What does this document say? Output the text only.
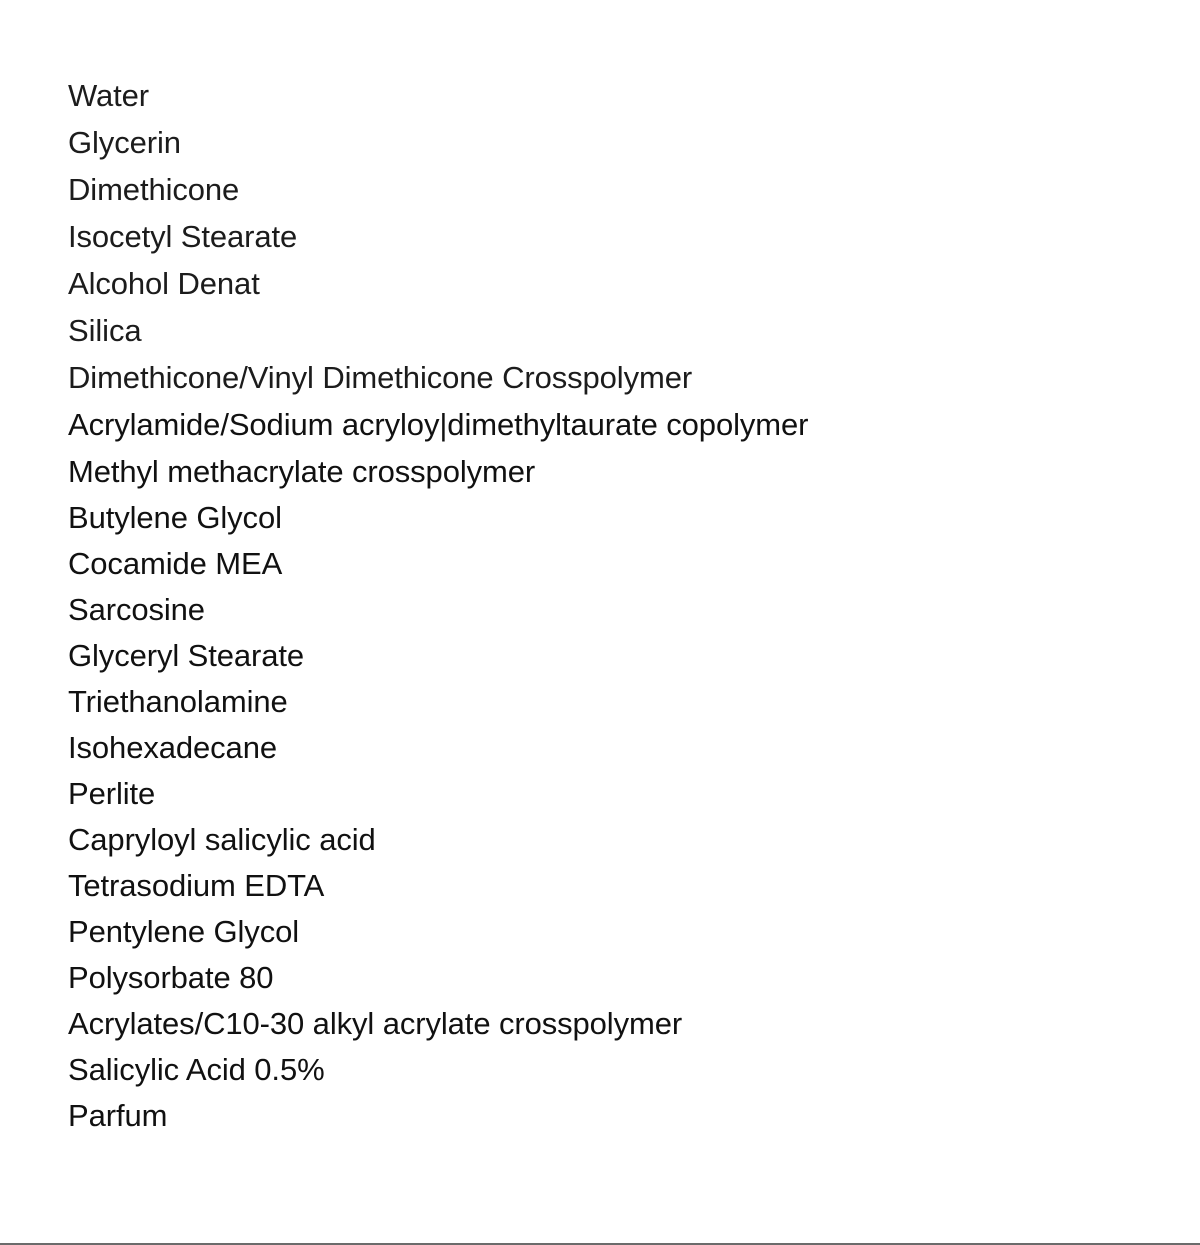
Water
Glycerin
Dimethicone
Isocetyl Stearate
Alcohol Denat
Silica
Dimethicone/Vinyl Dimethicone Crosspolymer
Acrylamide/Sodium acryloy|dimethyltaurate copolymer
Methyl methacrylate crosspolymer
Butylene Glycol
Cocamide MEA
Sarcosine
Glyceryl Stearate
Triethanolamine
Isohexadecane
Perlite
Capryloyl salicylic acid
Tetrasodium EDTA
Pentylene Glycol
Polysorbate 80
Acrylates/C10-30 alkyl acrylate crosspolymer
Salicylic Acid 0.5%
Parfum
